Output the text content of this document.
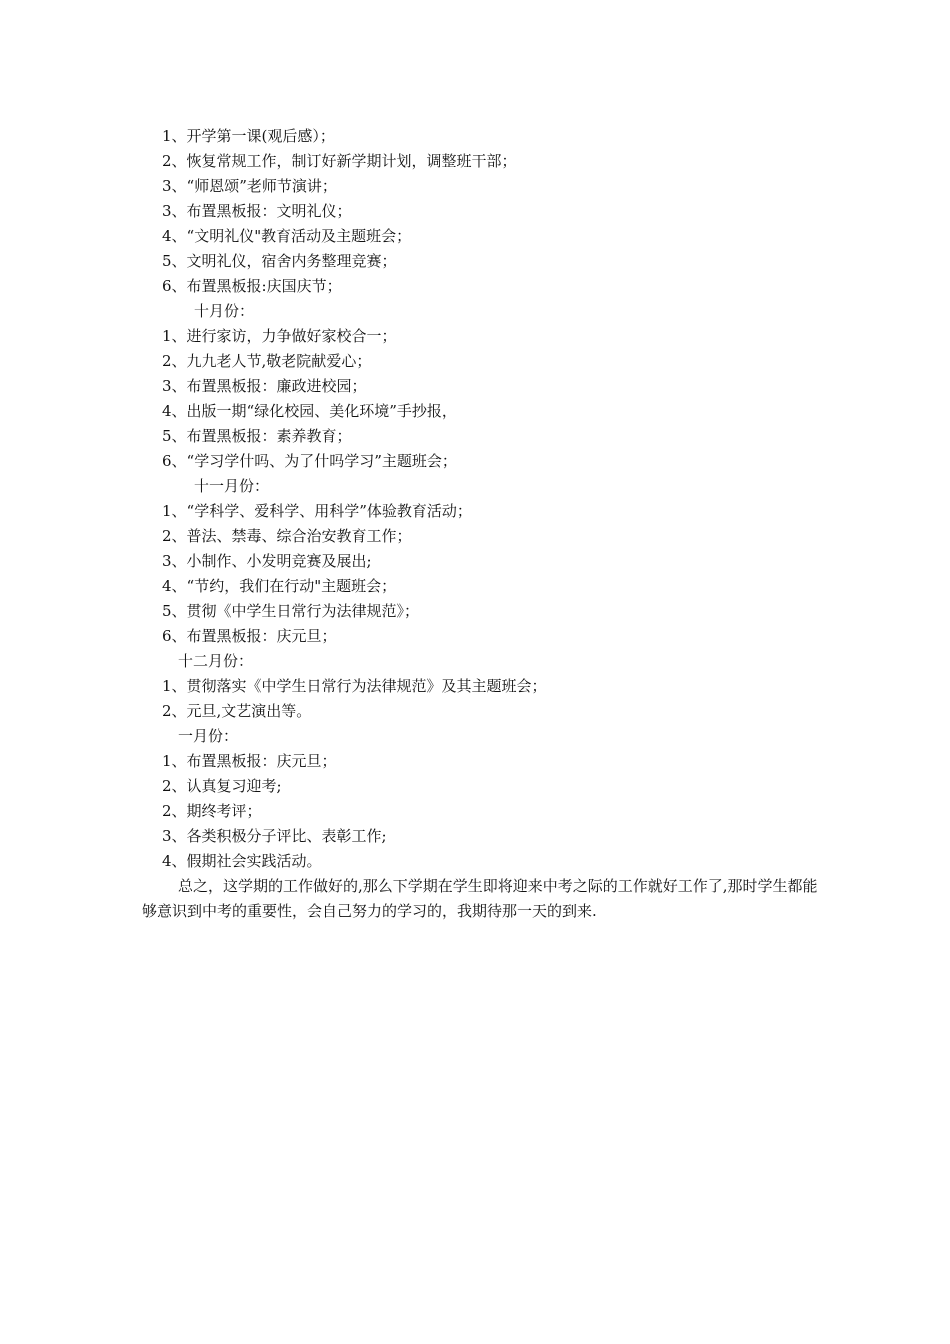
1、开学第一课(观后感）；
2、恢复常规工作，制订好新学期计划，调整班干部；
3、“师恩颂”老师节演讲；
3、布置黑板报：文明礼仪；
4、“文明礼仪"教育活动及主题班会；
5、文明礼仪，宿舍内务整理竞赛；
6、布置黑板报:庆国庆节；
十月份：
1、进行家访，力争做好家校合一；
2、九九老人节,敬老院献爱心；
3、布置黑板报：廉政进校园；
4、出版一期“绿化校园、美化环境”手抄报，
5、布置黑板报：素养教育；
6、“学习学什吗、为了什吗学习”主题班会；
十一月份：
1、“学科学、爱科学、用科学”体验教育活动；
2、普法、禁毒、综合治安教育工作；
3、小制作、小发明竞赛及展出;
4、“节约，我们在行动"主题班会；
5、贯彻《中学生日常行为法律规范》；
6、布置黑板报：庆元旦；
十二月份：
1、贯彻落实《中学生日常行为法律规范》及其主题班会；
2、元旦,文艺演出等。
一月份：
1、布置黑板报：庆元旦；
2、认真复习迎考;
2、期终考评；
3、各类积极分子评比、表彰工作;
4、假期社会实践活动。

总之，这学期的工作做好的,那么下学期在学生即将迎来中考之际的工作就好工作了,那时学生都能够意识到中考的重要性，会自己努力的学习的，我期待那一天的到来.
